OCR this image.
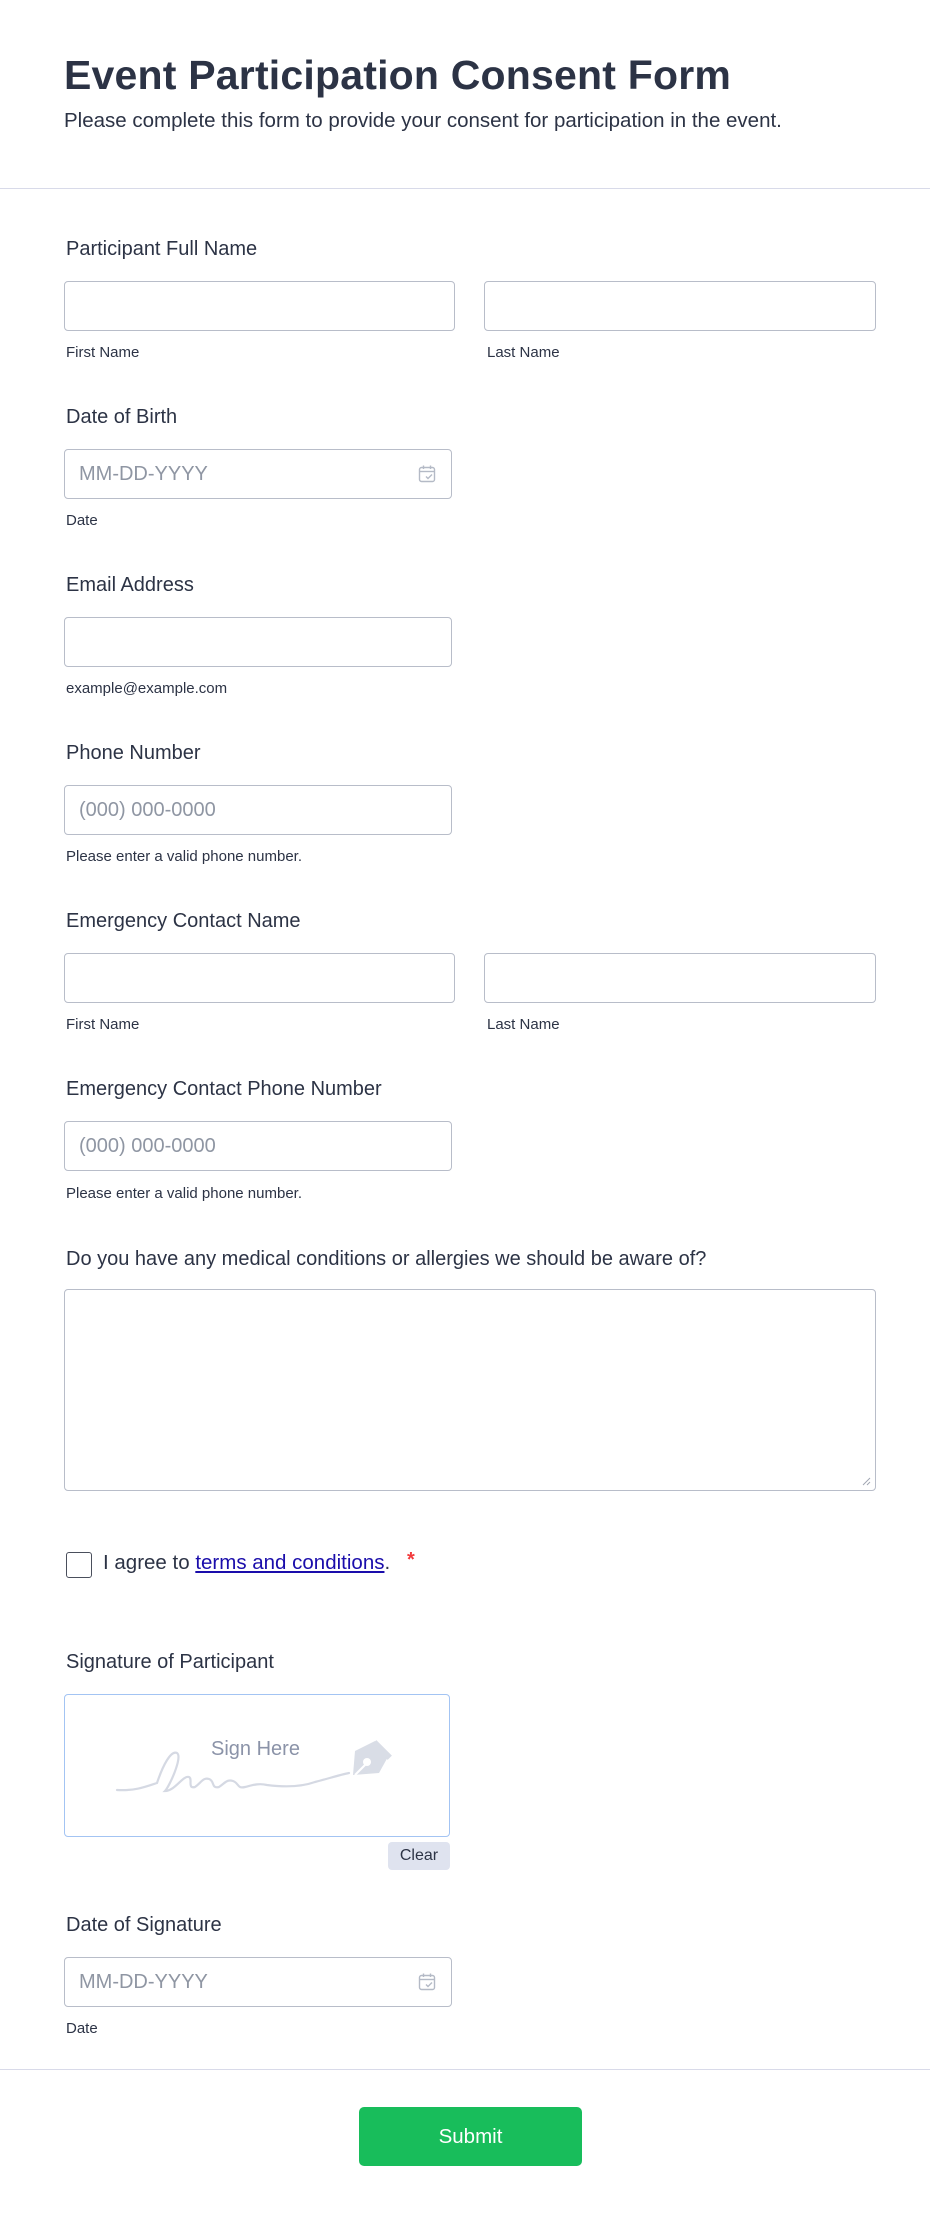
Event Participation Consent Form
Please complete this form to provide your consent for participation in the event.
Participant Full Name
First Name	Last Name
Date of Birth
MM-DD-YYYY
Date
Email Address
example@example.com
Phone Number
(000) 000-0000
Please enter a valid phone number.
Emergency Contact Name
First Name	Last Name
Emergency Contact Phone Number
(000) 000-0000
Please enter a valid phone number.
Do you have any medical conditions or allergies we should be aware of?
I agree to terms and conditions. *
Signature of Participant
Sign Here
Clear
Date of Signature
MM-DD-YYYY
Date
Submit
